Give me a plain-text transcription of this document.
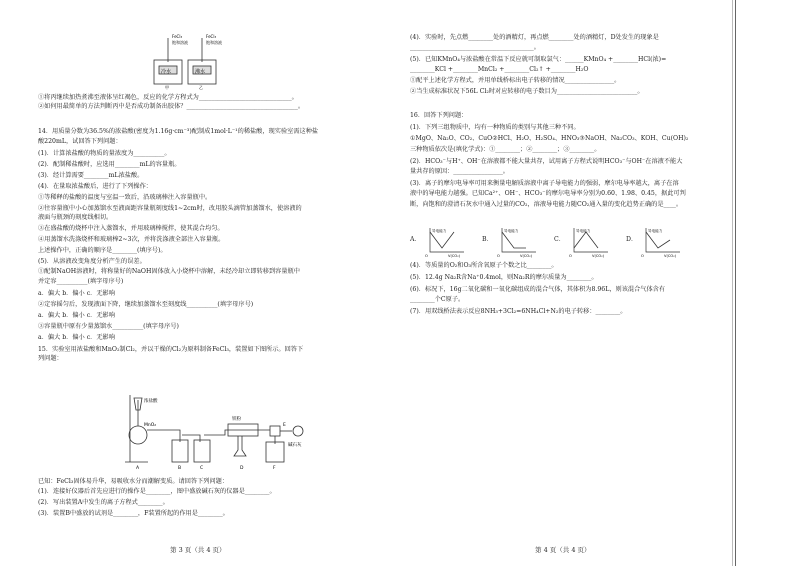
FeCl₃
饱和溶液
FeCl₃
饱和溶液
冷水	沸水
甲	乙
①将丙继续加热煮沸至液体呈红褐色，反应的化学方程式为______________________________。
②如何用最简单的方法判断丙中是否成功制备出胶体？____________________________________。
14．用质量分数为36.5%的浓盐酸(密度为1.16g·cm⁻³)配制成1mol·L⁻¹的稀盐酸，现实验室需这种盐
酸220mL，试回答下列问题：
(1)．计算浓盐酸的物质的量浓度为__________。
(2)．配制稀盐酸时，应选用________mL的容量瓶。
(3)．经计算需要________mL浓盐酸。
(4)．在量取浓盐酸后，进行了下列操作：
①等稀释的盐酸的温度与室温一致后，沿玻璃棒注入容量瓶中。
②往容量瓶中小心加蒸馏水至液面距容量瓶刻度线1~2cm时，改用胶头滴管加蒸馏水，使溶液的
液面与瓶颈的刻度线相切。
③在盛盐酸的烧杯中注入蒸馏水，并用玻璃棒搅拌，使其混合均匀。
④用蒸馏水洗涤烧杯和玻璃棒2~3次，并将洗涤液全部注入容量瓶。
上述操作中，正确的顺序是________(填序号)。
(5)．从溶液改变角度分析产生的误差。
①配制NaOH溶液时，将称量好的NaOH固体放入小烧杯中溶解，未经冷却立即转移到容量瓶中
并定容__________(填字母序号)
a．偏大 b．偏小 c．无影响
②定容摇匀后，发现液面下降，继续加蒸馏水至刻度线__________(填字母序号)
a．偏大 b．偏小 c．无影响
③容量瓶中原有少量蒸馏水__________(填字母序号)
a．偏大 b．偏小 c．无影响
15．实验室用浓盐酸和MnO₂制Cl₂，并以干燥的Cl₂为原料制备FeCl₃，装置如下图所示。回答下
列问题：
已知：FeCl₃固体易升华，易吸收水分而潮解变质。请回答下列问题：
(1)．连接好仪器后首先应进行的操作是________，图中盛放碱石灰的仪器是________。
(2)．写出装置A中发生的离子方程式________。
(3)．装置B中盛放的试剂是________，F装置所起的作用是________。
浓盐酸
MnO₂
铁粉
碱石灰
A	B	C	D
E
F
第 3 页（共 4 页）
(4)．实验时，先点燃________处的酒精灯，再点燃________处的酒精灯，D处发生的现象是
________________________________________。
(5)．已知KMnO₄与浓盐酸在常温下反应就可制取氯气：______KMnO₄ +________HCl(浓)=
________KCl +________MnCl₂ +________Cl₂↑ +________H₂O
①配平上述化学方程式，并用单线桥标出电子转移的情况________________。
②当生成标准状况下56L Cl₂时对应转移的电子数目为__________________________。
16．回答下列问题：
(1)．下列三组物质中，均有一种物质的类别与其他三种不同。
①MgO、Na₂O、CO₂、CuO②HCl、H₂O、H₂SO₄、HNO₃③NaOH、Na₂CO₃、KOH、Cu(OH)₂
三种物质依次是(填化学式)：①________；②________；③________。
(2)．HCO₃⁻与H⁺、OH⁻在溶液都不能大量共存，试用离子方程式说明HCO₃⁻与OH⁻在溶液不能大
量共存的原因：________________。
(3)．离子的摩尔电导率可用来衡量电解质溶液中离子导电能力的强弱，摩尔电导率越大，离子在溶
液中的导电能力越强。已知Ca²⁺、OH⁻、HCO₃⁻的摩尔电导率分别为0.60、1.98、0.45，据此可判
断，向饱和的澄清石灰水中通入过量的CO₂，溶液导电能力随CO₂通入量的变化趋势正确的是____。
(4)．等质量的O₂和O₃所含氧原子个数之比________。
(5)．12.4g Na₂R含Na⁺0.4mol，则Na₂R的摩尔质量为________。
(6)．标况下，16g二氧化碳和一氧化碳组成的混合气体，其体积为8.96L，则该混合气体含有
________个C原子。
(7)．用双线桥法表示反应8NH₃+3Cl₂=6NH₄Cl+N₂的电子转移：________。
A．
导电能力
V(CO₂)
O
B．
导电能力
V(CO₂)
O
C．
导电能力
V(CO₂)
O
D．
导电能力
V(CO₂)
O
第 4 页（共 4 页）
